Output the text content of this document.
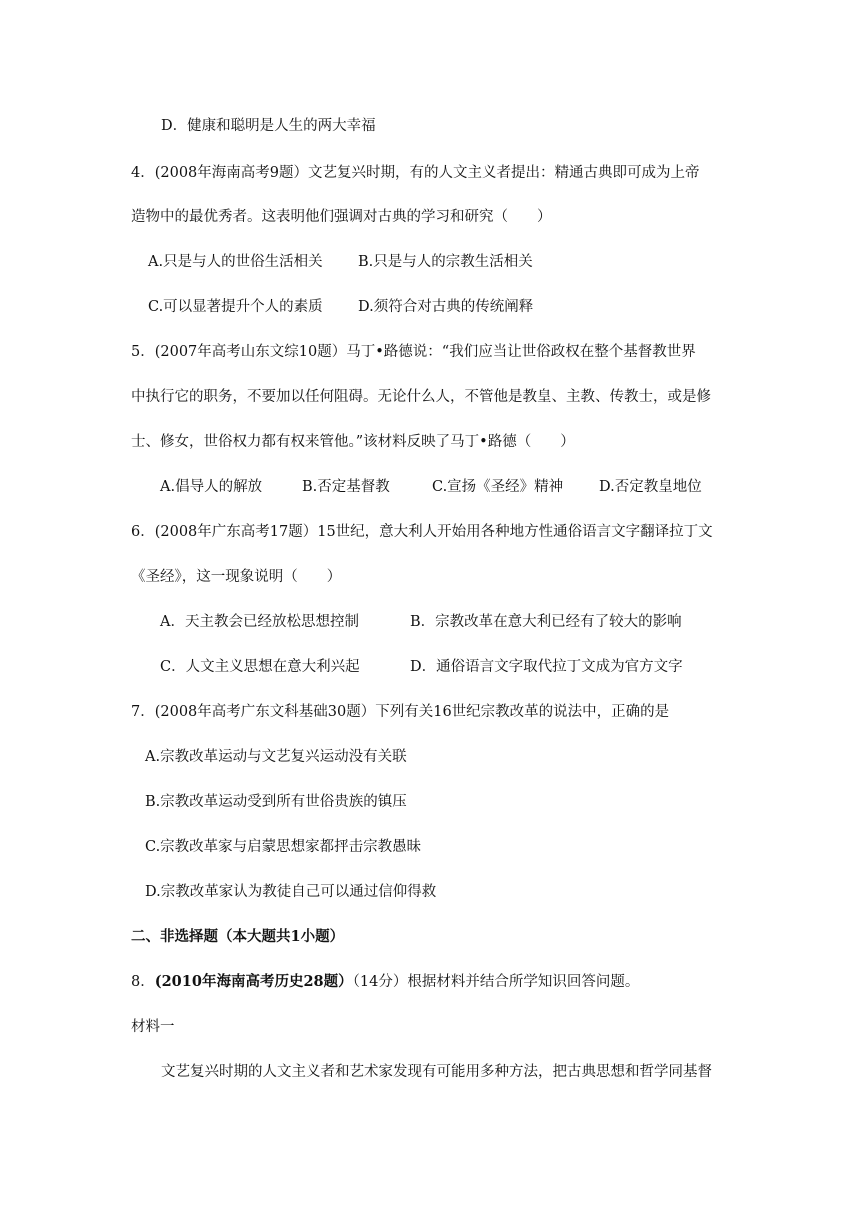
D．健康和聪明是人生的两大幸福
4．(2008年海南高考9题）文艺复兴时期，有的人文主义者提出：精通古典即可成为上帝
造物中的最优秀者。这表明他们强调对古典的学习和研究（　　）
A.只是与人的世俗生活相关 B.只是与人的宗教生活相关
C.可以显著提升个人的素质 D.须符合对古典的传统阐释
5．(2007年高考山东文综10题）马丁•路德说：“我们应当让世俗政权在整个基督教世界
中执行它的职务，不要加以任何阻碍。无论什么人，不管他是教皇、主教、传教士，或是修
士、修女，世俗权力都有权来管他。”该材料反映了马丁•路德（　　）
A.倡导人的解放	B.否定基督教	C.宣扬《圣经》精神 D.否定教皇地位
6．(2008年广东高考17题）15世纪，意大利人开始用各种地方性通俗语言文字翻译拉丁文
《圣经》，这一现象说明（　　）
A．天主教会已经放松思想控制	B．宗教改革在意大利已经有了较大的影响
C．人文主义思想在意大利兴起	D．通俗语言文字取代拉丁文成为官方文字
7．(2008年高考广东文科基础30题）下列有关16世纪宗教改革的说法中，正确的是
A.宗教改革运动与文艺复兴运动没有关联
B.宗教改革运动受到所有世俗贵族的镇压
C.宗教改革家与启蒙思想家都抨击宗教愚昧
D.宗教改革家认为教徒自己可以通过信仰得救
二、非选择题（本大题共1小题）
8．(2010年海南高考历史28题）（14分）根据材料并结合所学知识回答问题。
材料一
文艺复兴时期的人文主义者和艺术家发现有可能用多种方法，把古典思想和哲学同基督
